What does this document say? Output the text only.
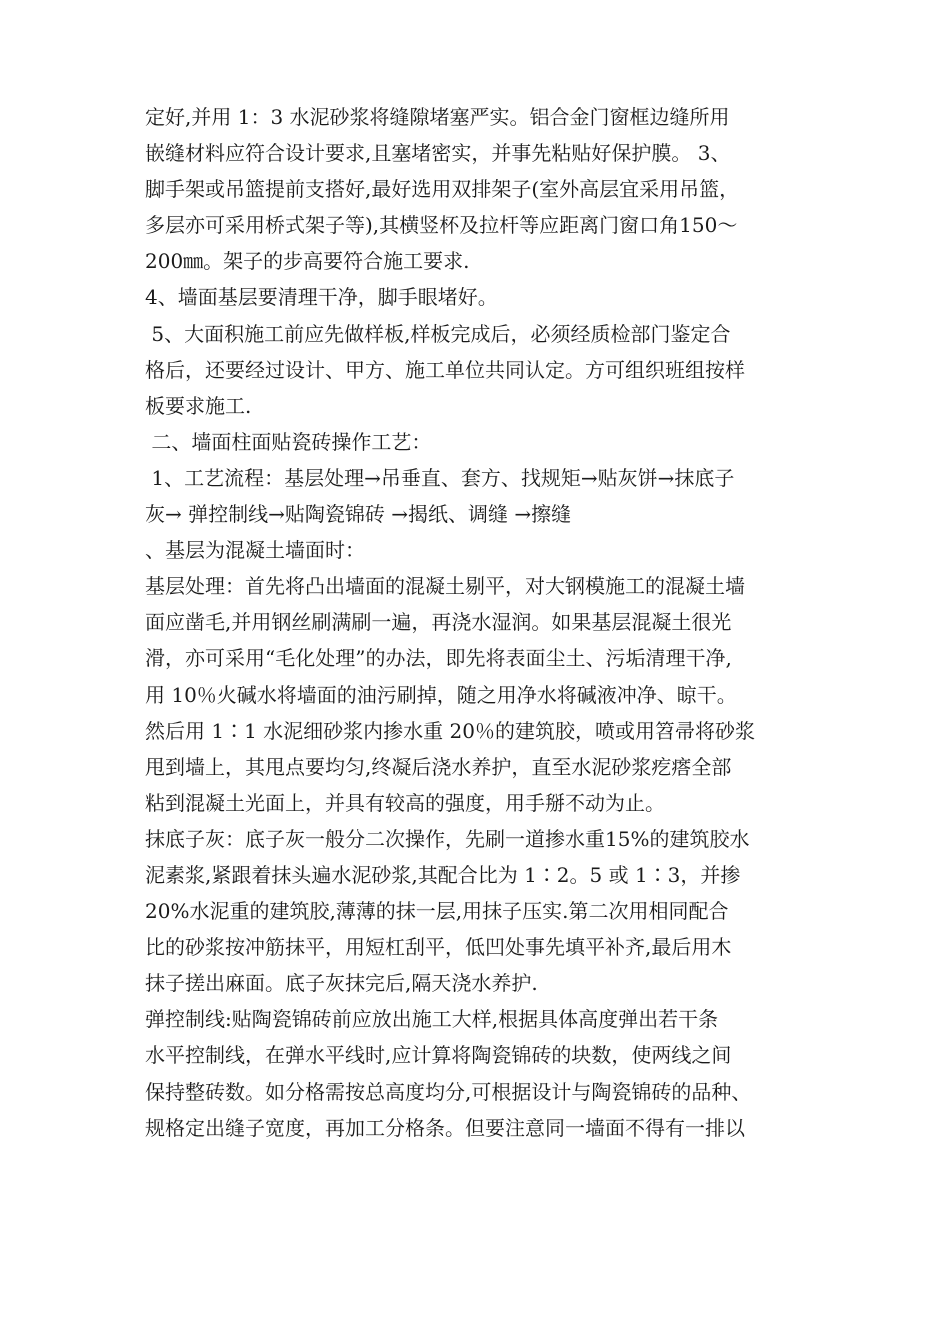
定好,并用 1：3 水泥砂浆将缝隙堵塞严实。铝合金门窗框边缝所用
嵌缝材料应符合设计要求,且塞堵密实，并事先粘贴好保护膜。 3、
脚手架或吊篮提前支搭好,最好选用双排架子(室外高层宜采用吊篮，
多层亦可采用桥式架子等),其横竖杯及拉杆等应距离门窗口角150～
200㎜。架子的步高要符合施工要求.
4、墙面基层要清理干净，脚手眼堵好。
5、大面积施工前应先做样板,样板完成后，必须经质检部门鉴定合
格后，还要经过设计、甲方、施工单位共同认定。方可组织班组按样
板要求施工.
二、墙面柱面贴瓷砖操作工艺：
1、工艺流程：基层处理→吊垂直、套方、找规矩→贴灰饼→抹底子
灰→ 弹控制线→贴陶瓷锦砖 →揭纸、调缝 →擦缝
、基层为混凝土墙面时：
基层处理：首先将凸出墙面的混凝土剔平，对大钢模施工的混凝土墙
面应凿毛,并用钢丝刷满刷一遍，再浇水湿润。如果基层混凝土很光
滑，亦可采用“毛化处理”的办法，即先将表面尘土、污垢清理干净,
用 10％火碱水将墙面的油污刷掉，随之用净水将碱液冲净、晾干。
然后用 1∶1 水泥细砂浆内掺水重 20％的建筑胶，喷或用笤帚将砂浆
甩到墙上，其甩点要均匀,终凝后浇水养护，直至水泥砂浆疙瘩全部
粘到混凝土光面上，并具有较高的强度，用手掰不动为止。
抹底子灰：底子灰一般分二次操作，先刷一道掺水重15%的建筑胶水
泥素浆,紧跟着抹头遍水泥砂浆,其配合比为 1∶2。5 或 1∶3，并掺
20%水泥重的建筑胶,薄薄的抹一层,用抹子压实.第二次用相同配合
比的砂浆按冲筋抹平，用短杠刮平，低凹处事先填平补齐,最后用木
抹子搓出麻面。底子灰抹完后,隔天浇水养护.
弹控制线:贴陶瓷锦砖前应放出施工大样,根据具体高度弹出若干条
水平控制线，在弹水平线时,应计算将陶瓷锦砖的块数，使两线之间
保持整砖数。如分格需按总高度均分,可根据设计与陶瓷锦砖的品种、
规格定出缝子宽度，再加工分格条。但要注意同一墙面不得有一排以
